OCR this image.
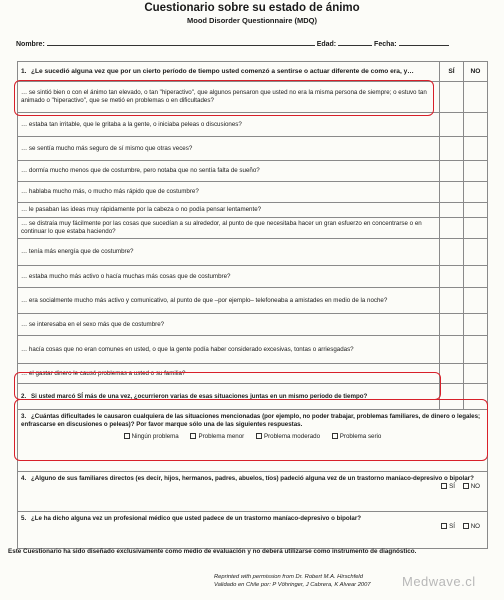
Cuestionario sobre su estado de ánimo
Mood Disorder Questionnaire (MDQ)
Nombre:	Edad:	Fecha:
1. ¿Le sucedió alguna vez que por un cierto período de tiempo usted comenzó a sentirse o actuar diferente de como era, y…	SÍ	NO
… se sintió bien o con el ánimo tan elevado, o tan "hiperactivo", que algunos pensaron que usted no era la misma persona de siempre; o estuvo tan animado o "hiperactivo", que se metió en problemas o en dificultades?		
… estaba tan irritable, que le gritaba a la gente, o iniciaba peleas o discusiones?		
… se sentía mucho más seguro de sí mismo que otras veces?		
… dormía mucho menos que de costumbre, pero notaba que no sentía falta de sueño?		
… hablaba mucho más, o mucho más rápido que de costumbre?		
… le pasaban las ideas muy rápidamente por la cabeza o no podía pensar lentamente?		
… se distraía muy fácilmente por las cosas que sucedían a su alrededor, al punto de que necesitaba hacer un gran esfuerzo en concentrarse o en continuar lo que estaba haciendo?		
… tenía más energía que de costumbre?		
… estaba mucho más activo o hacía muchas más cosas que de costumbre?		
… era socialmente mucho más activo y comunicativo, al punto de que –por ejemplo– telefoneaba a amistades en medio de la noche?		
… se interesaba en el sexo más que de costumbre?		
… hacía cosas que no eran comunes en usted, o que la gente podía haber considerado excesivas, tontas o arriesgadas?		
… el gastar dinero le causó problemas a usted o su familia?		
2. Si usted marcó SÍ más de una vez, ¿ocurrieron varias de esas situaciones juntas en un mismo período de tiempo?		
3. ¿Cuántas dificultades le causaron cualquiera de las situaciones mencionadas (por ejemplo, no poder trabajar, problemas familiares, de dinero o legales; enfrascarse en discusiones o peleas)? Por favor marque sólo una de las siguientes respuestas.
Ningún problema Problema menor Problema moderado Problema serio		

4. ¿Alguno de sus familiares directos (es decir, hijos, hermanos, padres, abuelos, tíos) padeció alguna vez de un trastorno maníaco-depresivo o bipolar?
SÍ NO		

5. ¿Le ha dicho alguna vez un profesional médico que usted padece de un trastorno maníaco-depresivo o bipolar?
SÍ NO		
Este Cuestionario ha sido diseñado exclusivamente como medio de evaluación y no deberá utilizarse como instrumento de diagnóstico.
Reprinted with permission from Dr. Robert M.A. Hirschfeld
Validado en Chile por: P Vöhringer, J Cabrera, K Alvear 2007	Medwave.cl
